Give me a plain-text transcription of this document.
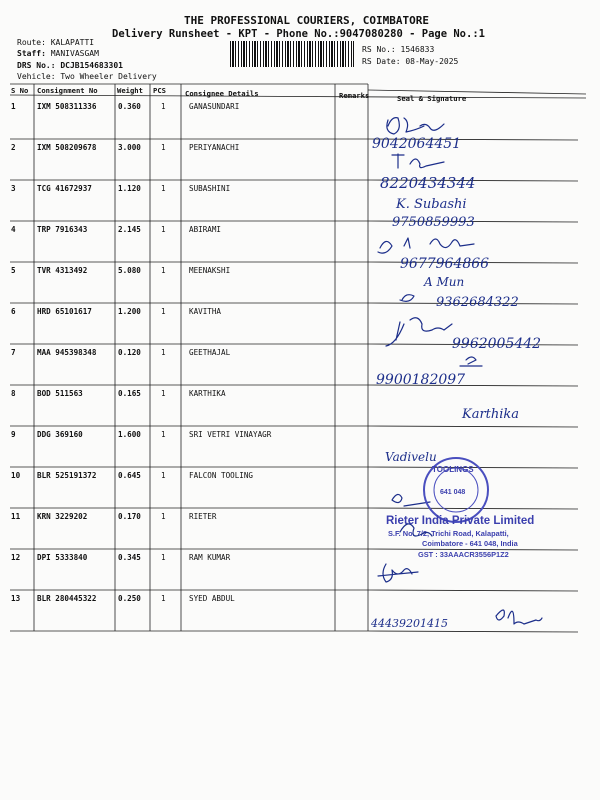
THE PROFESSIONAL COURIERS, COIMBATORE
Delivery Runsheet - KPT - Phone No.:9047080280 - Page No.:1
Route: KALAPATTI
Staff: MANIVASGAM
DRS No.: DCJB154683301
Vehicle: Two Wheeler Delivery
RS No.: 1546833
RS Date: 08-May-2025
S No Consignment No	Weight PCS	Consignee Details	Remarks	Seal & Signature
1	IXM 508311336	0.360	1	GANASUNDARI
2	IXM 508209678	3.000	1	PERIYANACHI
3	TCG 41672937	1.120	1	SUBASHINI
4	TRP 7916343	2.145	1	ABIRAMI
5	TVR 4313492	5.080	1	MEENAKSHI
6	HRD 65101617	1.200	1	KAVITHA
7	MAA 945398348	0.120	1	GEETHAJAL
8	BOD 511563	0.165	1	KARTHIKA
9	DDG 369160	1.600	1	SRI VETRI VINAYAGR
10 BLR 525191372	0.645	1	FALCON TOOLING
11 KRN 3229202	0.170	1	RIETER
12 DPI 5333840	0.345	1	RAM KUMAR
13 BLR 280445322	0.250	1	SYED ABDUL
9042064451
8220434344
K. Subashi
9750859993
9677964866
A Mun
9362684322
9962005442
9900182097
Karthika
Vadivelu
TOOLINGS
641 048
Rieter India Private Limited
S.F. No. 7/2, Trichi Road, Kalapatti,
Coimbatore - 641 048, India
GST : 33AAACR3556P1Z2
44439201415
